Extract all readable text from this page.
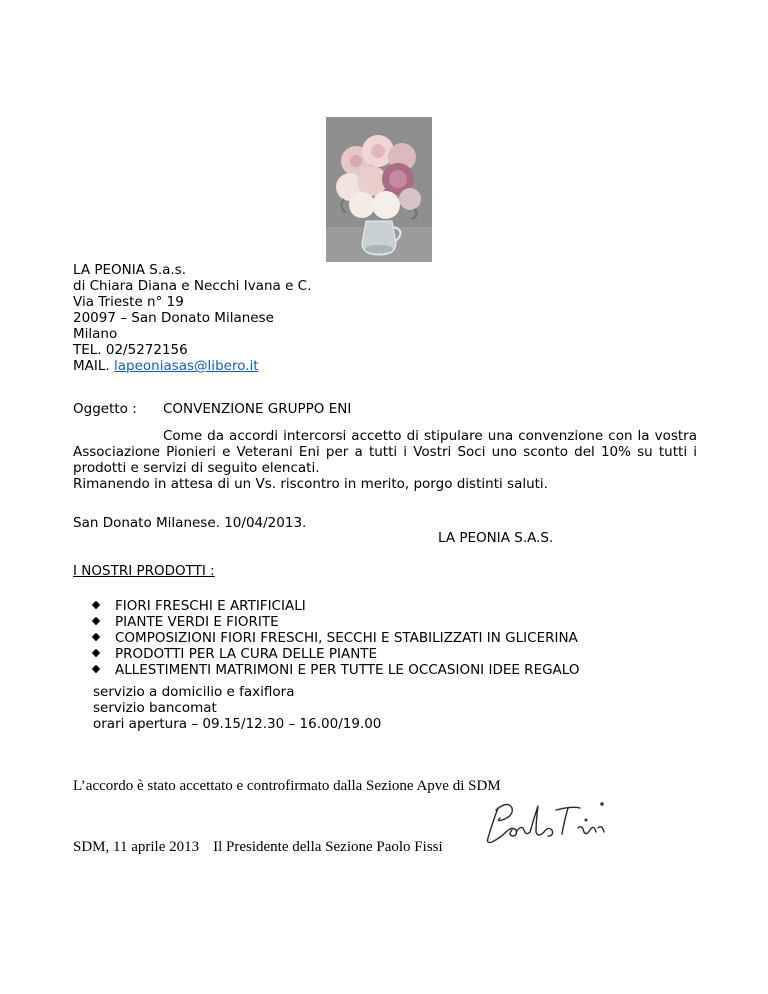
LA PEONIA S.a.s.
di Chiara Diana e Necchi Ivana e C.
Via Trieste n° 19
20097 – San Donato Milanese
Milano
TEL. 02/5272156
MAIL. lapeoniasas@libero.it
Oggetto : CONVENZIONE GRUPPO ENI

Come da accordi intercorsi accetto di stipulare una convenzione con la vostra Associazione Pionieri e Veterani Eni per a tutti i Vostri Soci uno sconto del 10% su tutti i prodotti e servizi di seguito elencati.

Rimanendo in attesa di un Vs. riscontro in merito, porgo distinti saluti.

San Donato Milanese. 10/04/2013.
LA PEONIA S.A.S.
I NOSTRI PRODOTTI :
FIORI FRESCHI E ARTIFICIALI
PIANTE VERDI E FIORITE
COMPOSIZIONI FIORI FRESCHI, SECCHI E STABILIZZATI IN GLICERINA
PRODOTTI PER LA CURA DELLE PIANTE
ALLESTIMENTI MATRIMONI E PER TUTTE LE OCCASIONI IDEE REGALO
servizio a domicilio e faxiflora
servizio bancomat
orari apertura – 09.15/12.30 – 16.00/19.00
L’accordo è stato accettato e controfirmato dalla Sezione Apve di SDM
SDM, 11 aprile 2013 Il Presidente della Sezione Paolo Fissi
